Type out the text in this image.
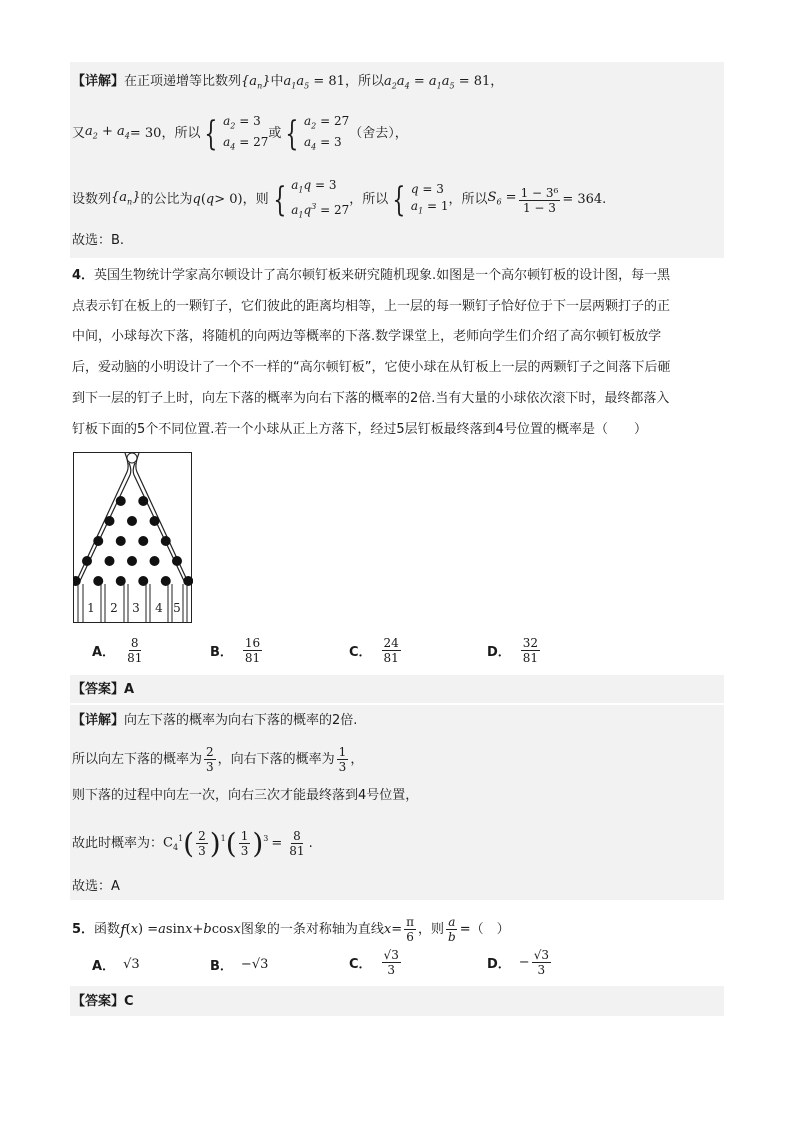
【详解】在正项递增等比数列$\{a_n\}$中$a_1a_5 = 81$，所以$a_2a_4 = a_1a_5 = 81$，
又 $a_2 + a_4 = 30$ ，所以 { $a_2 = 3$
$a_4 = 27$
或 { $a_2 = 27$
$a_4 = 3$
（舍去），
设数列 $\{a_n\}$ 的公比为 q ( q > 0) ，则 { $a_1q = 3$
$a_1q^3 = 27$
，所以 { q = 3
$a_1 = 1$ ，所以 $S_6 = \frac{\text{1 − 3⁶}}{1 - 3} = 364$ .
故选：B.
4．英国生物统计学家高尔顿设计了高尔顿钉板来研究随机现象.如图是一个高尔顿钉板的设计图，每一黑
点表示钉在板上的一颗钉子，它们彼此的距离均相等，上一层的每一颗钉子恰好位于下一层两颗打子的正
中间，小球每次下落，将随机的向两边等概率的下落.数学课堂上，老师向学生们介绍了高尔顿钉板放学
后，爱动脑的小明设计了一个不一样的“高尔顿钉板”，它使小球在从钉板上一层的两颗钉子之间落下后砸
到下一层的钉子上时，向左下落的概率为向右下落的概率的2倍.当有大量的小球依次滚下时，最终都落入
钉板下面的5个不同位置.若一个小球从正上方落下，经过5层钉板最终落到4号位置的概率是（　　）
1 2 3 4 5
A． $\frac{8}{81}$	B． $\frac{16}{81}$	C． $\frac{24}{81}$	D． $\frac{32}{81}$
【答案】A
【详解】向左下落的概率为向右下落的概率的2倍.
所以向左下落的概率为 $\frac{2}{3}$ ，向右下落的概率为 $\frac{1}{3}$ ，
则下落的过程中向左一次，向右三次才能最终落到4号位置，
故此时概率为： $C_4^1$ ( $\frac{2}{3} )^1$ ( $\frac{1}{3} )^3 = \frac{8}{81}$ .
故选：A
5． 函数 f ( x ) = a sin x + b cos x 图象的一条对称轴为直线 $x = \frac{\pi}{6}$ ，则 $\frac{a}{b}$ =（　）
A． √3	B． −√3	C． $\frac{√3}{3}$	D． − $\frac{√3}{3}$
【答案】C
